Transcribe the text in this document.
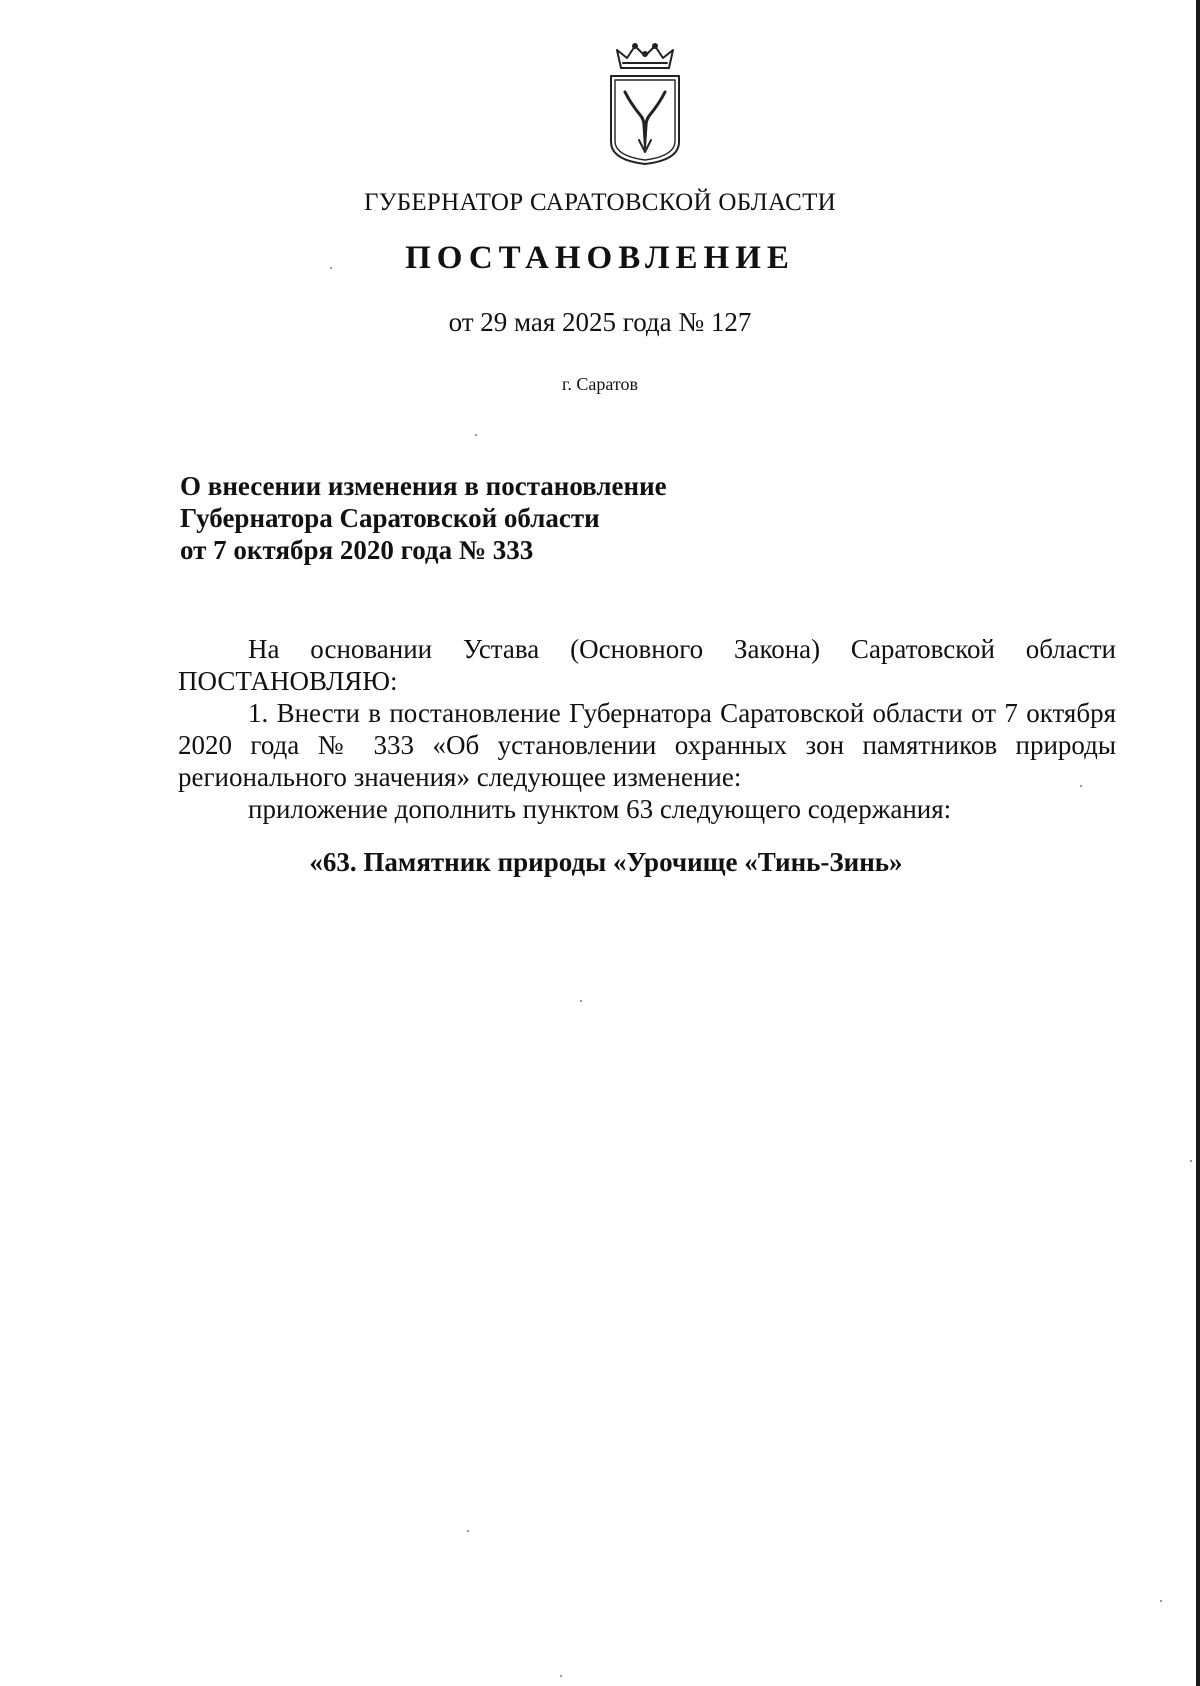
ГУБЕРНАТОР САРАТОВСКОЙ ОБЛАСТИ
ПОСТАНОВЛЕНИЕ
от 29 мая 2025 года № 127
г. Саратов
О внесении изменения в постановление
Губернатора Саратовской области
от 7 октября 2020 года № 333

На основании Устава (Основного Закона) Саратовской области

ПОСТАНОВЛЯЮ:

1. Внести в постановление Губернатора Саратовской области от 7 октября

2020 года № 333 «Об установлении охранных зон памятников природы

регионального значения» следующее изменение:

приложение дополнить пунктом 63 следующего содержания:

«63. Памятник природы «Урочище «Тинь-Зинь»
